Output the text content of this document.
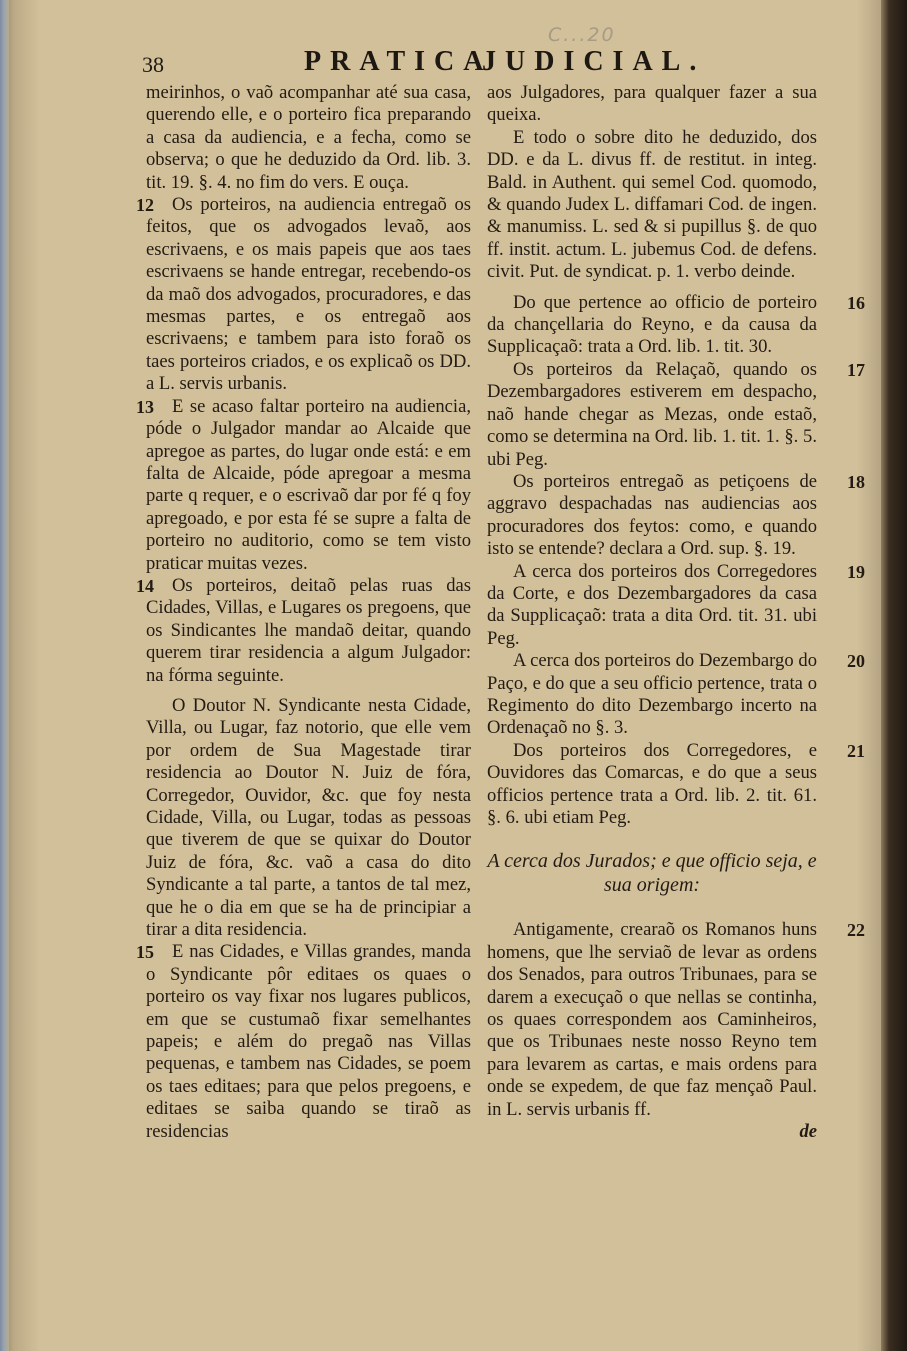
C...20
38	PRATICA
JUDICIAL.

meirinhos, o vaõ acompanhar até sua casa, querendo elle, e o porteiro fica preparando a casa da audiencia, e a fecha, como se observa; o que he deduzido da Ord. lib. 3. tit. 19. §. 4. no fim do vers. E ouça.

12 Os porteiros, na audiencia entregaõ os feitos, que os advogados levaõ, aos escrivaens, e os mais papeis que aos taes escrivaens se hande entregar, recebendo-os da maõ dos advogados, procuradores, e das mesmas partes, e os entregaõ aos escrivaens; e tambem para isto foraõ os taes porteiros criados, e os explicaõ os DD. a L. servis urbanis.

13 E se acaso faltar porteiro na audiencia, póde o Julgador mandar ao Alcaide que apregoe as partes, do lugar onde está: e em falta de Alcaide, póde apregoar a mesma parte q requer, e o escrivaõ dar por fé q foy apregoado, e por esta fé se supre a falta de porteiro no auditorio, como se tem visto praticar muitas vezes.

14 Os porteiros, deitaõ pelas ruas das Cidades, Villas, e Lugares os pregoens, que os Sindicantes lhe mandaõ deitar, quando querem tirar residencia a algum Julgador: na fórma seguinte.

O Doutor N. Syndicante nesta Cidade, Villa, ou Lugar, faz notorio, que elle vem por ordem de Sua Magestade tirar residencia ao Doutor N. Juiz de fóra, Corregedor, Ouvidor, &c. que foy nesta Cidade, Villa, ou Lugar, todas as pessoas que tiverem de que se quixar do Doutor Juiz de fóra, &c. vaõ a casa do dito Syndicante a tal parte, a tantos de tal mez, que he o dia em que se ha de principiar a tirar a dita residencia.

15 E nas Cidades, e Villas grandes, manda o Syndicante pôr editaes os quaes o porteiro os vay fixar nos lugares publicos, em que se custumaõ fixar semelhantes papeis; e além do pregaõ nas Villas pequenas, e tambem nas Cidades, se poem os taes editaes; para que pelos pregoens, e editaes se saiba quando se tiraõ as residencias

aos Julgadores, para qualquer fazer a sua queixa.

E todo o sobre dito he deduzido, dos DD. e da L. divus ff. de restitut. in integ. Bald. in Authent. qui semel Cod. quomodo, & quando Judex L. diffamari Cod. de ingen. & manumiss. L. sed & si pupillus §. de quo ff. instit. actum. L. jubemus Cod. de defens. civit. Put. de syndicat. p. 1. verbo deinde.

16
Do que pertence ao officio de porteiro da chançellaria do Reyno, e da causa da Supplicaçaõ: trata a Ord. lib. 1. tit. 30.

17
Os porteiros da Relaçaõ, quando os Dezembargadores estiverem em despacho, naõ hande chegar as Mezas, onde estaõ, como se determina na Ord. lib. 1. tit. 1. §. 5. ubi Peg.

18
Os porteiros entregaõ as petiçoens de aggravo despachadas nas audiencias aos procuradores dos feytos: como, e quando isto se entende? declara a Ord. sup. §. 19.

19
A cerca dos porteiros dos Corregedores da Corte, e dos Dezembargadores da casa da Supplicaçaõ: trata a dita Ord. tit. 31. ubi Peg.

20
A cerca dos porteiros do Dezembargo do Paço, e do que a seu officio pertence, trata o Regimento do dito Dezembargo incerto na Ordenaçaõ no §. 3.

21
Dos porteiros dos Corregedores, e Ouvidores das Comarcas, e do que a seus officios pertence trata a Ord. lib. 2. tit. 61. §. 6. ubi etiam Peg.

A cerca dos Jurados; e que officio seja, e sua origem:

22
Antigamente, crearaõ os Romanos huns homens, que lhe serviaõ de levar as ordens dos Senados, para outros Tribunaes, para se darem a execuçaõ o que nellas se continha, os quaes correspondem aos Caminheiros, que os Tribunaes neste nosso Reyno tem para levarem as cartas, e mais ordens para onde se expedem, de que faz mençaõ Paul. in L. servis urbanis ff.

de
